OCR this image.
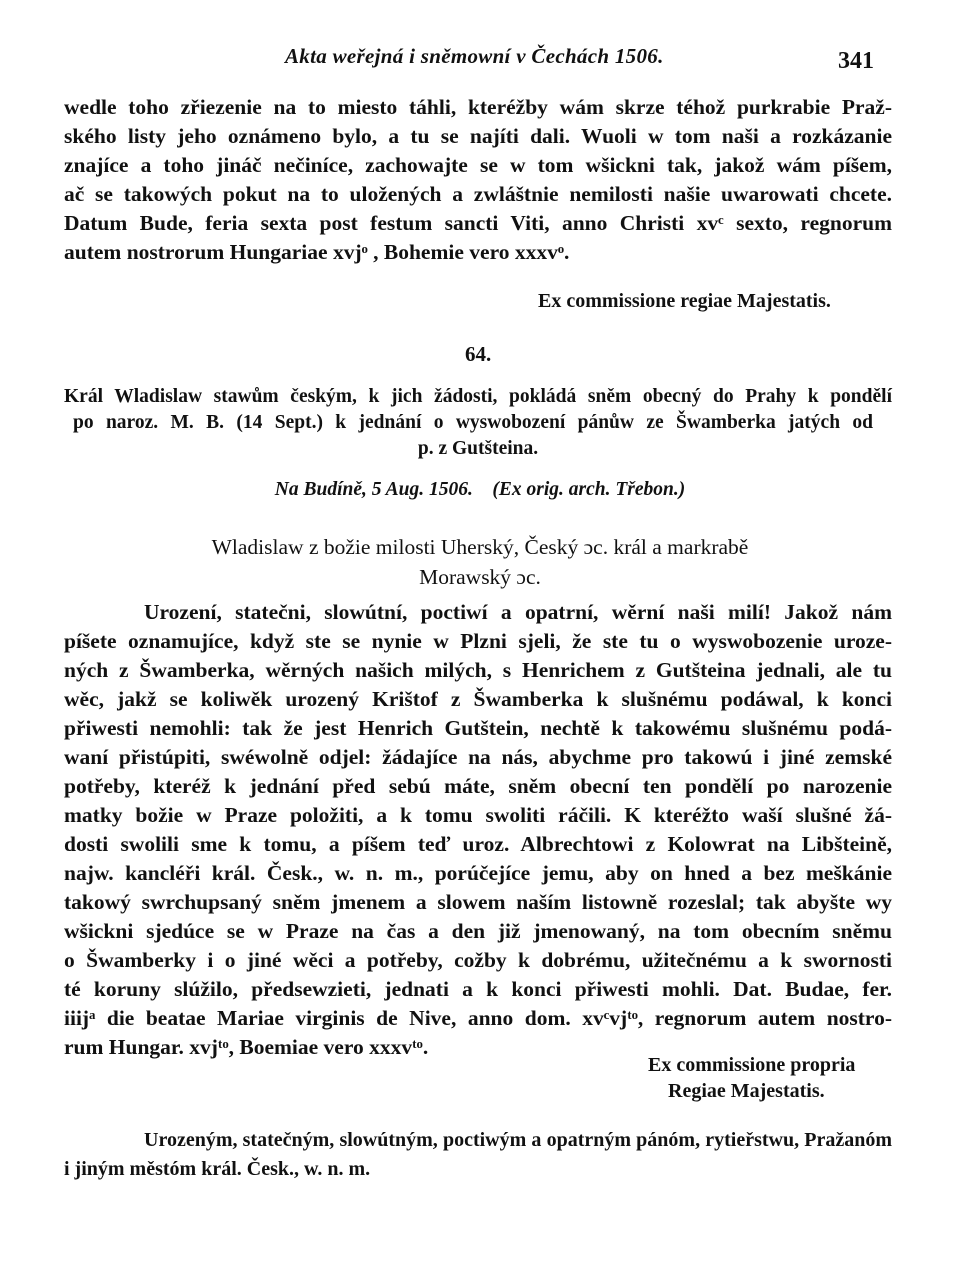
Akta weřejná i sněmowní v Čechách 1506.	341
wedle toho zřiezenie na to miesto táhli, kteréžby wám skrze téhož purkrabie Praž-
ského listy jeho oznámeno bylo, a tu se najíti dali. Wuoli w tom naši a rozkázanie
znajíce a toho jináč nečiníce, zachowajte se w tom wšickni tak, jakož wám píšem,
ač se takowých pokut na to uložených a zwláštnie nemilosti našie uwarowati chcete.
Datum Bude, feria sexta post festum sancti Viti, anno Christi xvᶜ sexto, regnorum
autem nostrorum Hungariae xvjᵒ , Bohemie vero xxxvᵒ.
Ex commissione regiae Majestatis.
64.
Král Wladislaw stawům českým, k jich žádosti, pokládá sněm obecný do Prahy k pondělí
po naroz. M. B. (14 Sept.) k jednání o wyswobození pánůw ze Šwamberka jatých od
p. z Gutšteina.
Na Budíně, 5 Aug. 1506. (Ex orig. arch. Třebon.)
Wladislaw z božie milosti Uherský, Český ɔc. král a markrabě
Morawský ɔc.
Urození, statečni, slowútní, poctiwí a opatrní, wěrní naši milí! Jakož nám
píšete oznamujíce, když ste se nynie w Plzni sjeli, že ste tu o wyswobozenie uroze-
ných z Šwamberka, wěrných našich milých, s Henrichem z Gutšteina jednali, ale tu
wěc, jakž se koliwěk urozený Krištof z Šwamberka k slušnému podáwal, k konci
přiwesti nemohli: tak že jest Henrich Gutštein, nechtě k takowému slušnému podá-
waní přistúpiti, swéwolně odjel: žádajíce na nás, abychme pro takowú i jiné zemské
potřeby, kteréž k jednání před sebú máte, sněm obecní ten pondělí po narozenie
matky božie w Praze položiti, a k tomu swoliti ráčili. K kteréžto waší slušné žá-
dosti swolili sme k tomu, a píšem teď uroz. Albrechtowi z Kolowrat na Libšteině,
najw. kancléři král. Česk., w. n. m., porúčejíce jemu, aby on hned a bez meškánie
takowý swrchupsaný sněm jmenem a slowem naším listowně rozeslal; tak abyšte wy
wšickni sjedúce se w Praze na čas a den již jmenowaný, na tom obecním sněmu
o Šwamberky i o jiné wěci a potřeby, cožby k dobrému, užitečnému a k swornosti
té koruny slúžilo, předsewzieti, jednati a k konci přiwesti mohli. Dat. Budae, fer.
iiijᵃ die beatae Mariae virginis de Nive, anno dom. xvᶜvjᵗᵒ, regnorum autem nostro-
rum Hungar. xvjᵗᵒ, Boemiae vero xxxvᵗᵒ.
Ex commissione propria
Regiae Majestatis.
Urozeným, statečným, slowútným, poctiwým a opatrným pánóm, rytieřstwu, Pražanóm
i jiným městóm král. Česk., w. n. m.
